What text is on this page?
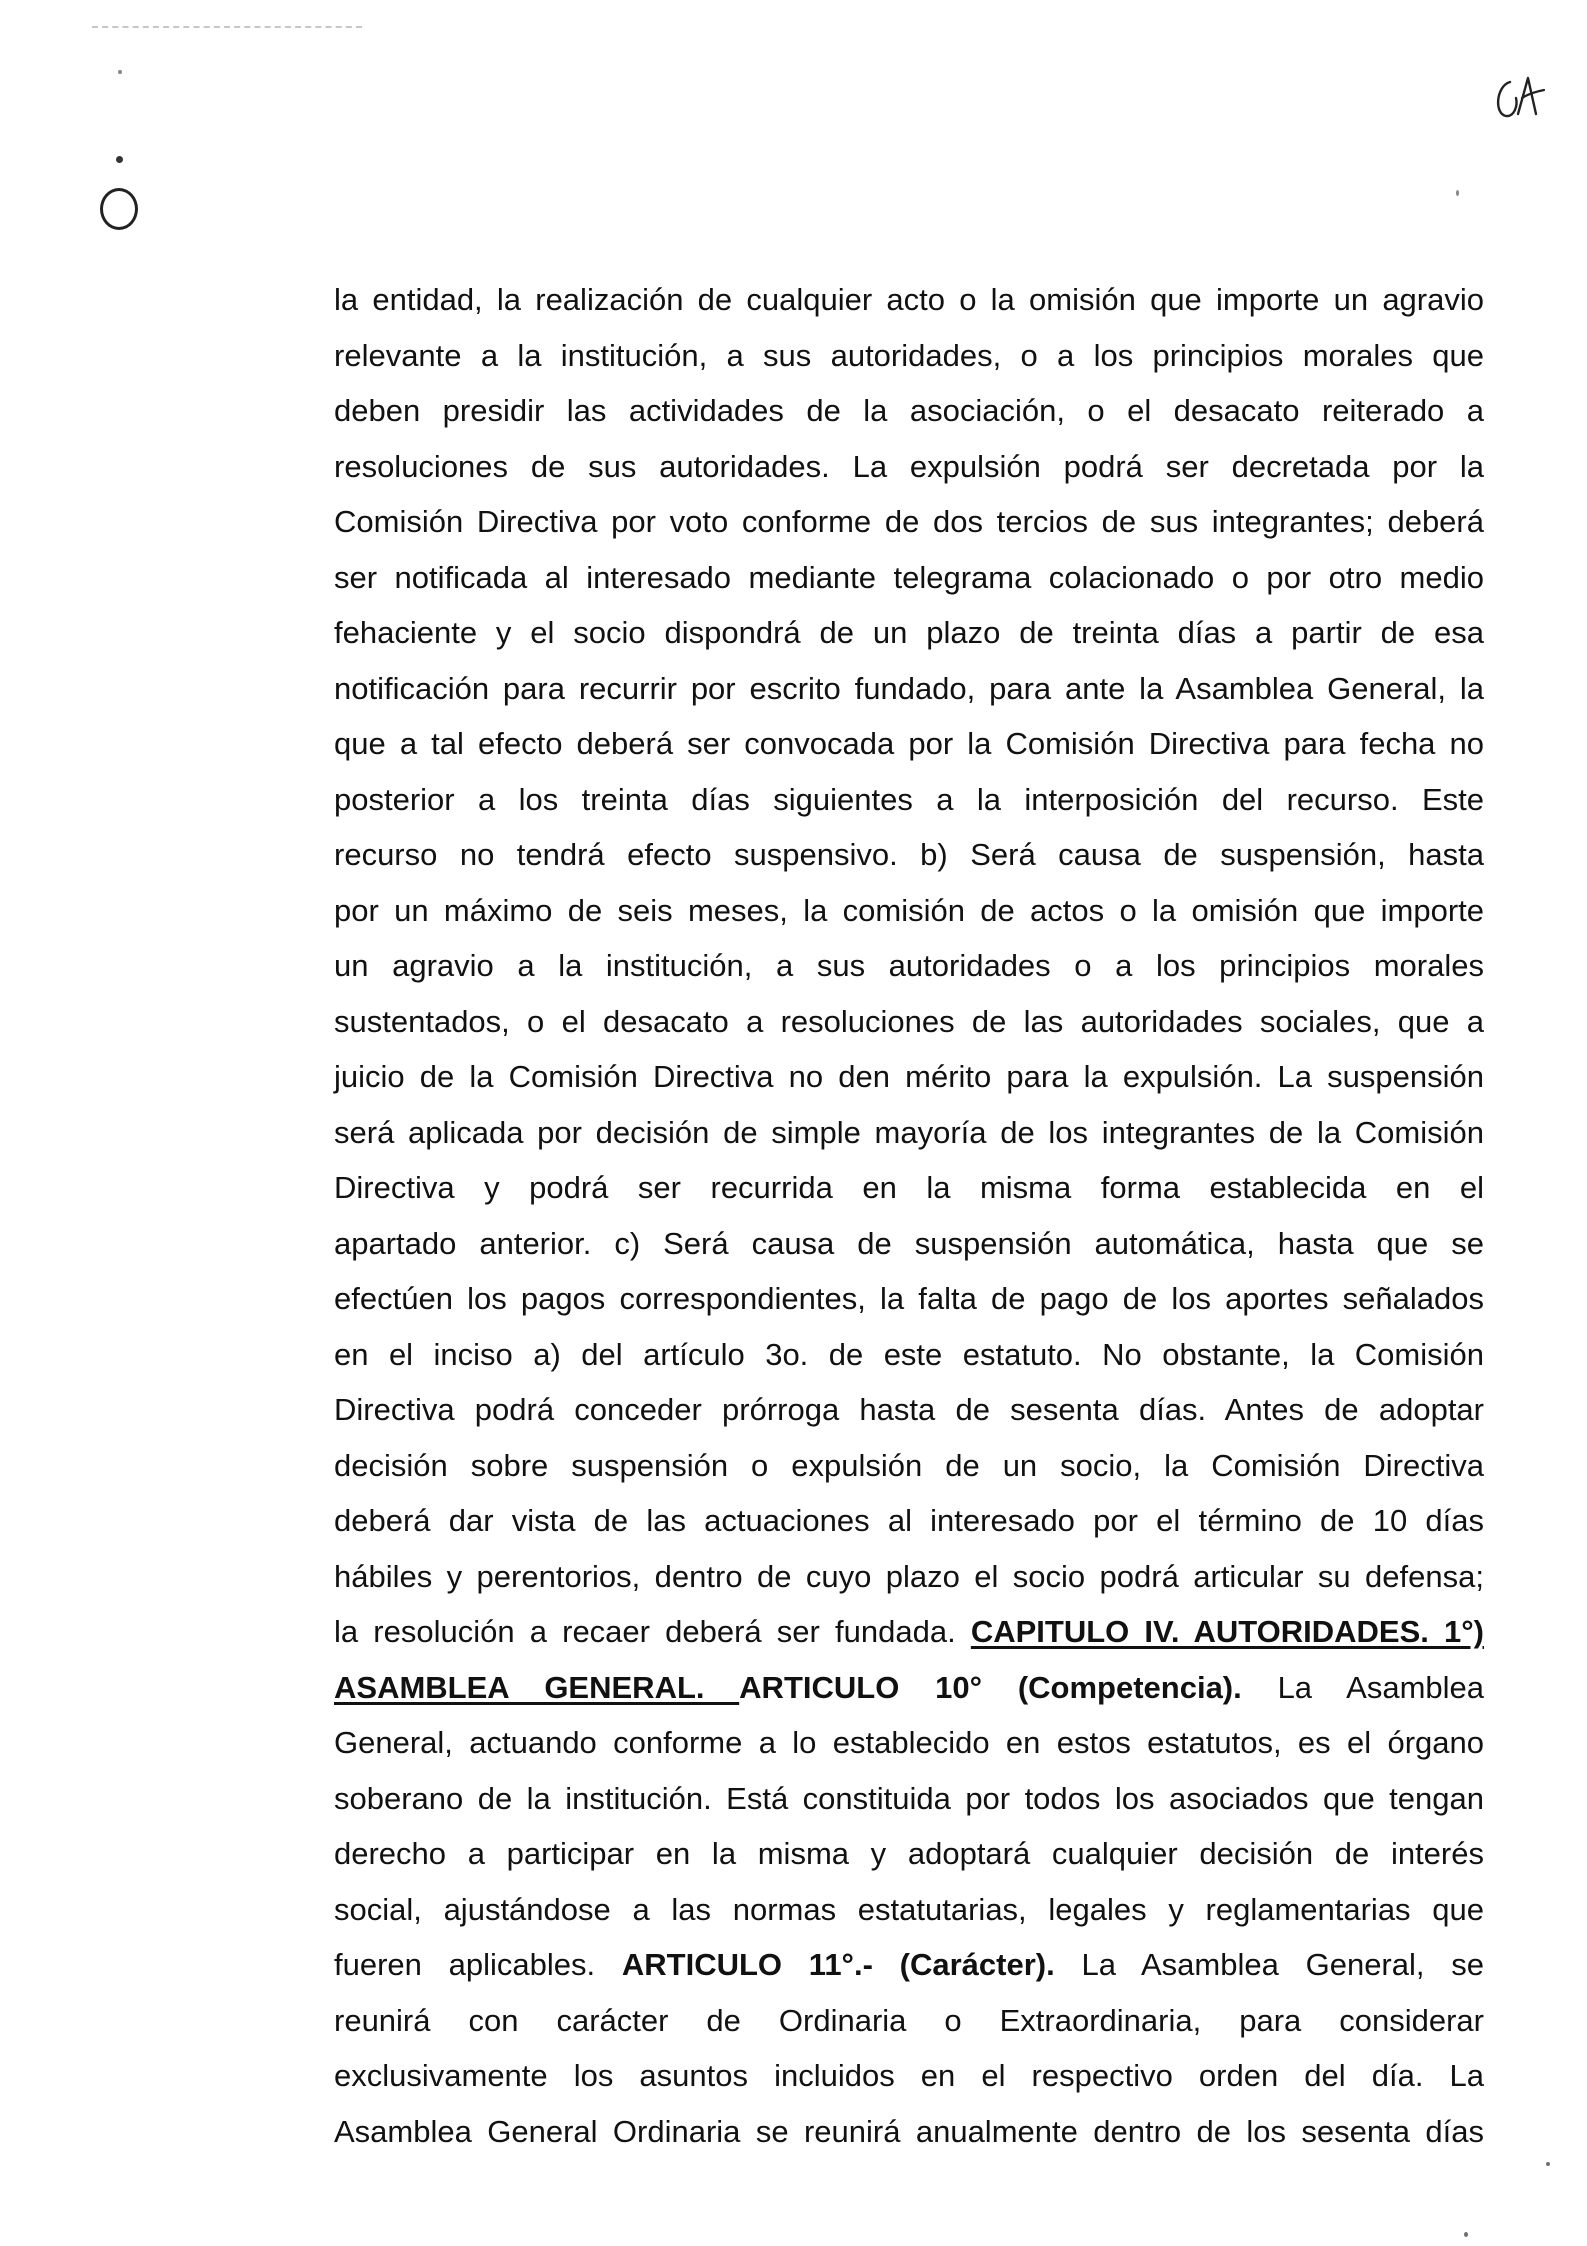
la entidad, la realización de cualquier acto o la omisión que importe un agravio
relevante a la institución, a sus autoridades, o a los principios morales que
deben presidir las actividades de la asociación, o el desacato reiterado a
resoluciones de sus autoridades. La expulsión podrá ser decretada por la
Comisión Directiva por voto conforme de dos tercios de sus integrantes; deberá
ser notificada al interesado mediante telegrama colacionado o por otro medio
fehaciente y el socio dispondrá de un plazo de treinta días a partir de esa
notificación para recurrir por escrito fundado, para ante la Asamblea General, la
que a tal efecto deberá ser convocada por la Comisión Directiva para fecha no
posterior a los treinta días siguientes a la interposición del recurso. Este
recurso no tendrá efecto suspensivo. b) Será causa de suspensión, hasta
por un máximo de seis meses, la comisión de actos o la omisión que importe
un agravio a la institución, a sus autoridades o a los principios morales
sustentados, o el desacato a resoluciones de las autoridades sociales, que a
juicio de la Comisión Directiva no den mérito para la expulsión. La suspensión
será aplicada por decisión de simple mayoría de los integrantes de la Comisión
Directiva y podrá ser recurrida en la misma forma establecida en el
apartado anterior. c) Será causa de suspensión automática, hasta que se
efectúen los pagos correspondientes, la falta de pago de los aportes señalados
en el inciso a) del artículo 3o. de este estatuto. No obstante, la Comisión
Directiva podrá conceder prórroga hasta de sesenta días. Antes de adoptar
decisión sobre suspensión o expulsión de un socio, la Comisión Directiva
deberá dar vista de las actuaciones al interesado por el término de 10 días
hábiles y perentorios, dentro de cuyo plazo el socio podrá articular su defensa;
la resolución a recaer deberá ser fundada. CAPITULO IV. AUTORIDADES. 1°)
ASAMBLEA GENERAL. ARTICULO 10° (Competencia). La Asamblea
General, actuando conforme a lo establecido en estos estatutos, es el órgano
soberano de la institución. Está constituida por todos los asociados que tengan
derecho a participar en la misma y adoptará cualquier decisión de interés
social, ajustándose a las normas estatutarias, legales y reglamentarias que
fueren aplicables. ARTICULO 11°.- (Carácter). La Asamblea General, se
reunirá con carácter de Ordinaria o Extraordinaria, para considerar
exclusivamente los asuntos incluidos en el respectivo orden del día. La
Asamblea General Ordinaria se reunirá anualmente dentro de los sesenta días
